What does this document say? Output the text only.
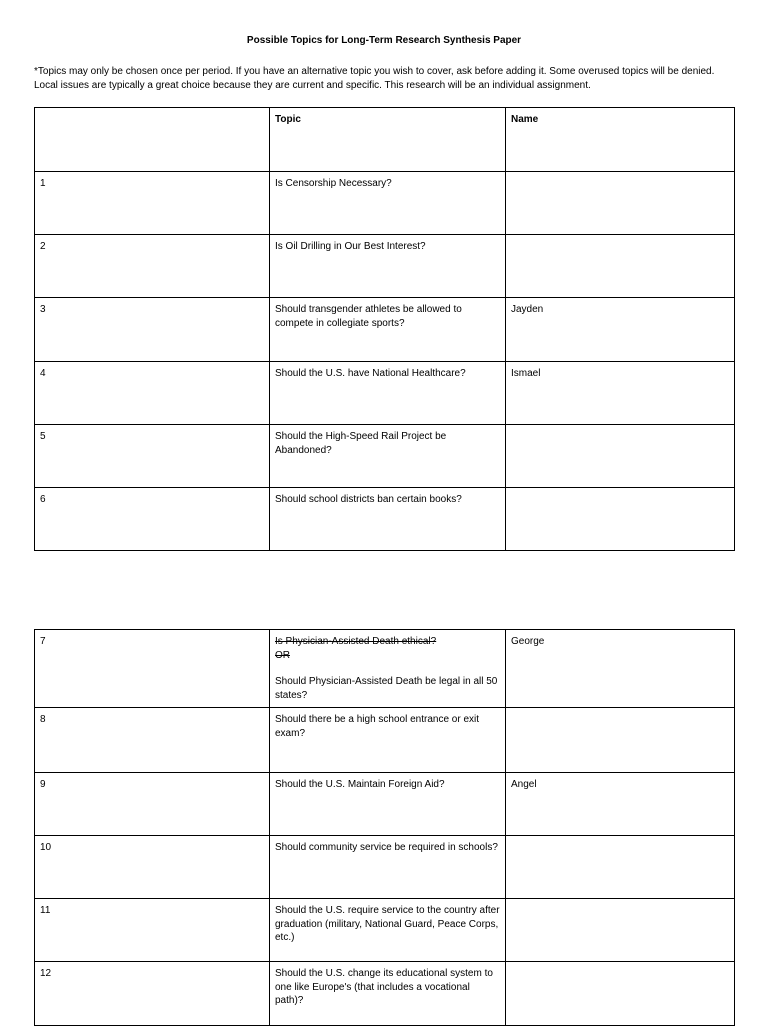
Possible Topics for Long-Term Research Synthesis Paper
*Topics may only be chosen once per period. If you have an alternative topic you wish to cover, ask before adding it. Some overused topics will be denied. Local issues are typically a great choice because they are current and specific. This research will be an individual assignment.
	Topic	Name
1	Is Censorship Necessary?	
2	Is Oil Drilling in Our Best Interest?	
3	Should transgender athletes be allowed to compete in collegiate sports?	Jayden
4	Should the U.S. have National Healthcare?	Ismael
5	Should the High-Speed Rail Project be Abandoned?	
6	Should school districts ban certain books?	
7	Is Physician-Assisted Death ethical?
OR
Should Physician-Assisted Death be legal in all 50 states?	George
8	Should there be a high school entrance or exit exam?	
9	Should the U.S. Maintain Foreign Aid?	Angel
10	Should community service be required in schools?	
11	Should the U.S. require service to the country after graduation (military, National Guard, Peace Corps, etc.)	
12	Should the U.S. change its educational system to one like Europe's (that includes a vocational path)?	
